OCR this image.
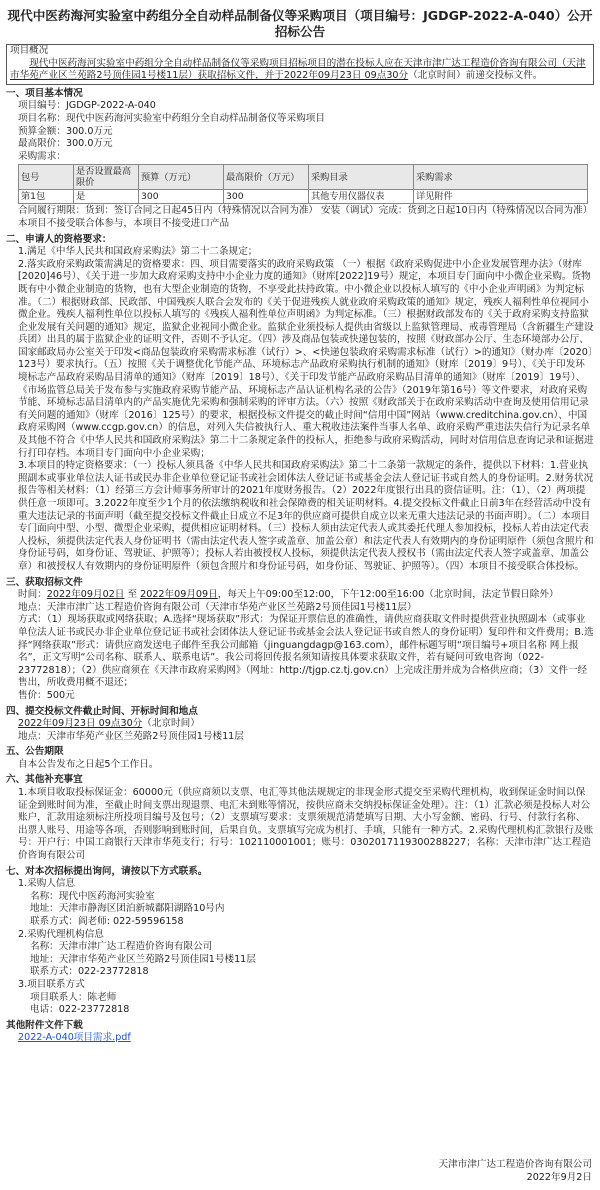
现代中医药海河实验室中药组分全自动样品制备仪等采购项目（项目编号：JGDGP-2022-A-040）公开招标公告
项目概况
现代中医药海河实验室中药组分全自动样品制备仪等采购项目招标项目的潜在投标人应在天津市津广达工程造价咨询有限公司（天津市华苑产业区兰苑路2号顶佳园1号楼11层）获取招标文件，并于2022年09月23日 09点30分（北京时间）前递交投标文件。
一、项目基本情况
项目编号：JGDGP-2022-A-040
项目名称：现代中医药海河实验室中药组分全自动样品制备仪等采购项目
预算金额：300.0万元
最高限价：300.0万元
采购需求：
包号	是否设置最高限价	预算（万元）	最高限价（万元）	采购目录	采购需求
第1包	是	300	300	其他专用仪器仪表	详见附件
合同履行期限：货到：签订合同之日起45日内（特殊情况以合同为准） 安装（调试）完成：货到之日起10日内（特殊情况以合同为准）
本项目不接受联合体参与，本项目不接受进口产品
二、申请人的资格要求：
1.满足《中华人民共和国政府采购法》第二十二条规定；
2.落实政府采购政策需满足的资格要求：四、项目需要落实的政府采购政策 （一）根据《政府采购促进中小企业发展管理办法》（财库[2020]46号）、《关于进一步加大政府采购支持中小企业力度的通知》（财库[2022]19号）规定，本项目专门面向中小微企业采购。货物既有中小微企业制造的货物，也有大型企业制造的货物，不享受此扶持政策。中小微企业以投标人填写的《中小企业声明函》为判定标准。（二）根据财政部、民政部、中国残疾人联合会发布的《关于促进残疾人就业政府采购政策的通知》规定，残疾人福利性单位视同小微企业。残疾人福利性单位以投标人填写的《残疾人福利性单位声明函》为判定标准。（三）根据财政部发布的《关于政府采购支持监狱企业发展有关问题的通知》规定，监狱企业视同小微企业。监狱企业须投标人提供由省级以上监狱管理局、戒毒管理局（含新疆生产建设兵团）出具的属于监狱企业的证明文件，否则不予认定。（四）涉及商品包装或快递包装的，按照《财政部办公厅、生态环境部办公厅、国家邮政局办公室关于印发<商品包装政府采购需求标准（试行）>、<快递包装政府采购需求标准（试行）>的通知》（财办库〔2020〕123号）要求执行。（五）按照《关于调整优化节能产品、环境标志产品政府采购执行机制的通知》（财库〔2019〕9号）、《关于印发环境标志产品政府采购品目清单的通知》（财库〔2019〕18号）、《关于印发节能产品政府采购品目清单的通知》（财库〔2019〕19号）、《市场监管总局关于发布参与实施政府采购节能产品、环境标志产品认证机构名录的公告》（2019年第16号）等文件要求，对政府采购节能、环境标志品目清单内的产品实施优先采购和强制采购的评审方法。（六）按照《财政部关于在政府采购活动中查询及使用信用记录有关问题的通知》（财库〔2016〕125号）的要求，根据投标文件提交的截止时间“信用中国”网站（www.creditchina.gov.cn）、中国政府采购网（www.ccgp.gov.cn）的信息，对列入失信被执行人、重大税收违法案件当事人名单、政府采购严重违法失信行为记录名单及其他不符合《中华人民共和国政府采购法》第二十二条规定条件的投标人，拒绝参与政府采购活动，同时对信用信息查询记录和证据进行打印存档。本项目专门面向中小企业采购；
3.本项目的特定资格要求：（一）投标人须具备《中华人民共和国政府采购法》第二十二条第一款规定的条件，提供以下材料：1.营业执照副本或事业单位法人证书或民办非企业单位登记证书或社会团体法人登记证书或基金会法人登记证书或自然人的身份证明。2.财务状况报告等相关材料：（1）经第三方会计师事务所审计的2021年度财务报告。（2）2022年度银行出具的资信证明。注：（1）、（2）两项提供任意一项即可。3.2022年度至少1个月的依法缴纳税收和社会保障费的相关证明材料。4.提交投标文件截止日前3年在经营活动中没有重大违法记录的书面声明（截至提交投标文件截止日成立不足3年的供应商可提供自成立以来无重大违法记录的书面声明）。（二）本项目专门面向中型、小型、微型企业采购，提供相应证明材料。（三）投标人须由法定代表人或其委托代理人参加投标，投标人若由法定代表人投标，须提供法定代表人身份证明书（需由法定代表人签字或盖章、加盖公章）和法定代表人有效期内的身份证明原件（须包含照片和身份证号码，如身份证、驾驶证、护照等）；投标人若由被授权人投标，须提供法定代表人授权书（需由法定代表人签字或盖章、加盖公章）和被授权人有效期内的身份证明原件（须包含照片和身份证号码，如身份证、驾驶证、护照等）。（四）本项目不接受联合体投标。
三、获取招标文件
时间：2022年09月02日 至 2022年09月09日，每天上午09:00至12:00，下午12:00至16:00（北京时间，法定节假日除外）
地点：天津市津广达工程造价咨询有限公司（天津市华苑产业区兰苑路2号顶佳园1号楼11层）
方式：（1）现场获取或网络获取；A.选择“现场获取”形式：为保证开票信息的准确性，请供应商获取文件时提供营业执照副本（或事业单位法人证书或民办非企业单位登记证书或社会团体法人登记证书或基金会法人登记证书或自然人的身份证明）复印件和文件费用；B.选择“网络获取”形式：请供应商发送电子邮件至我公司邮箱（jinguangdagp@163.com），邮件标题写明“项目编号+项目名称 网上报名”，正文写明“公司名称、联系人、联系电话”。我公司将回传报名须知请按具体要求获取文件，若有疑问可致电咨询（022-23772818）；（2）供应商须在《天津市政府采购网》（网址：http://tjgp.cz.tj.gov.cn）上完成注册并成为合格供应商；（3）文件一经售出，所收费用概不退还；
售价：500元
四、提交投标文件截止时间、开标时间和地点
2022年09月23日 09点30分（北京时间）
地点：天津市华苑产业区兰苑路2号顶佳园1号楼11层
五、公告期限
自本公告发布之日起5个工作日。
六、其他补充事宜
1.本项目收取投标保证金：60000元（供应商须以支票、电汇等其他法规规定的非现金形式提交至采购代理机构，收到保证金时间以保证金到账时间为准，至截止时间支票出现退票、电汇未到账等情况，按供应商未交纳投标保证金处理）。注：（1）汇款必须是投标人对公账户，汇款用途须标注所投项目编号及包号；（2）支票填写要求：支票须规范清楚填写日期、大小写金额、密码、行号、付款行名称、出票人账号、用途等各项，否则影响到账时间，后果自负。支票填写完成为机打、手填，只能有一种方式。2.采购代理机构汇款银行及账号：开户行：中国工商银行天津市华苑支行；行号：102110001001；账号：0302017119300288227；名称：天津市津广达工程造价咨询有限公司
七、对本次招标提出询问，请按以下方式联系。
1.采购人信息
名称：现代中医药海河实验室
地址：天津市静海区团泊新城鄱阳湖路10号内
联系方式：阎老师: 022-59596158
2.采购代理机构信息
名称：天津市津广达工程造价咨询有限公司
地址：天津市华苑产业区兰苑路2号顶佳园1号楼11层
联系方式：022-23772818
3.项目联系方式
项目联系人：陈老师
电话：022-23772818
其他附件文件下载
2022-A-040项目需求.pdf
天津市津广达工程造价咨询有限公司
2022年9月2日
